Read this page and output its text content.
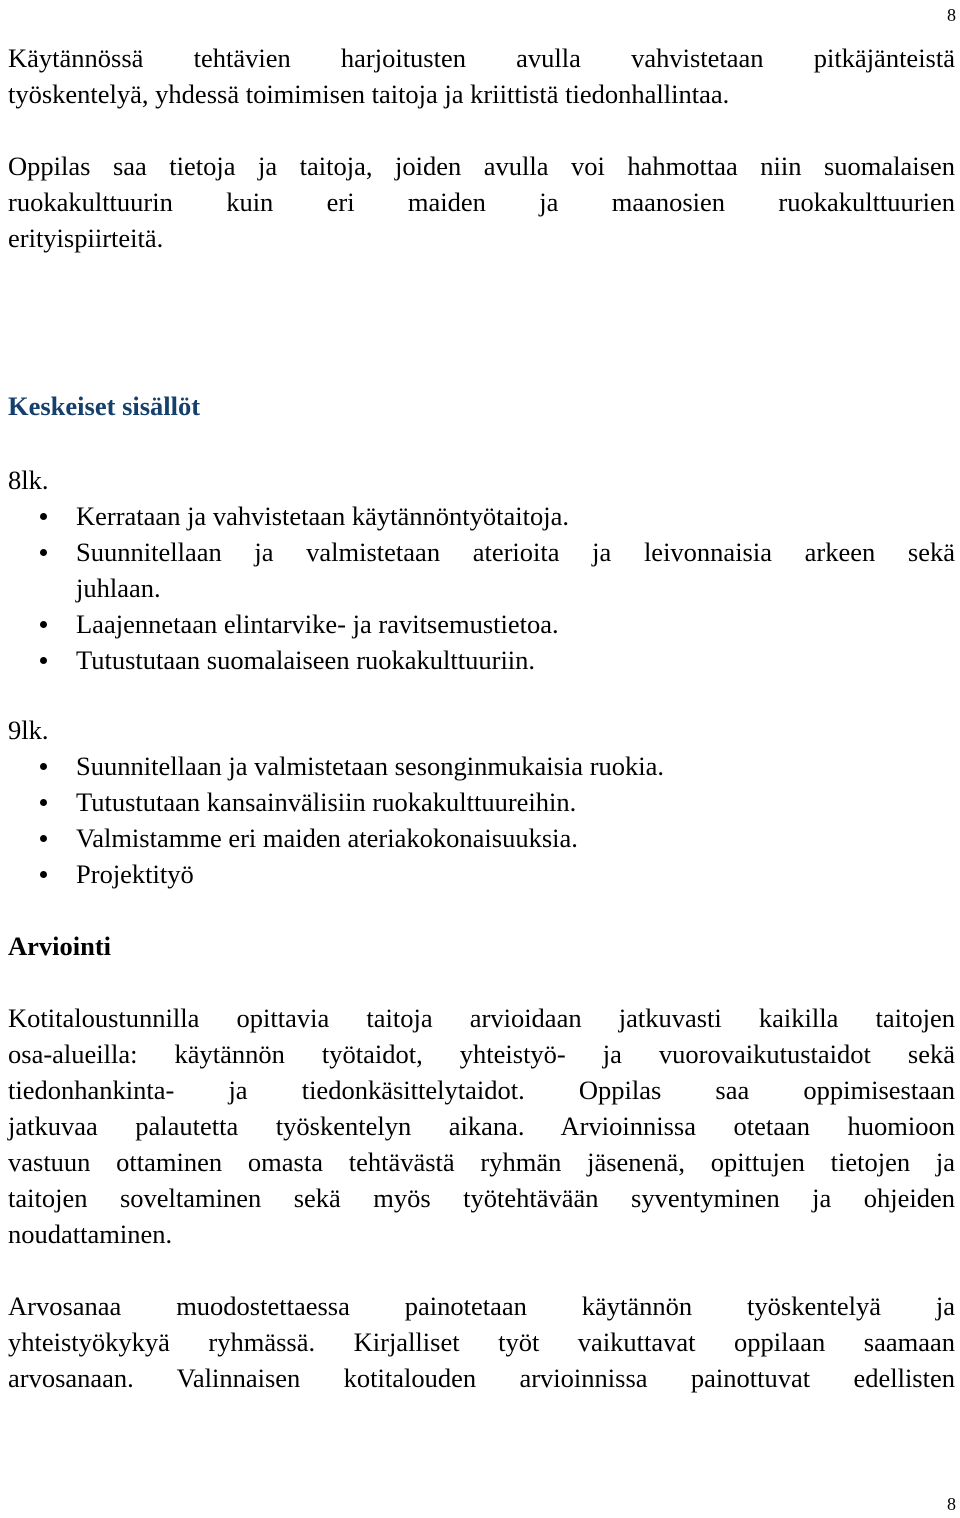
8

Käytännössä tehtävien harjoitusten avulla vahvistetaan pitkäjänteistä
työskentelyä, yhdessä toimimisen taitoja ja kriittistä tiedonhallintaa.

Oppilas saa tietoja ja taitoja, joiden avulla voi hahmottaa niin suomalaisen
ruokakulttuurin kuin eri maiden ja maanosien ruokakulttuurien
erityispiirteitä.

Keskeiset sisällöt

8lk.

Kerrataan ja vahvistetaan käytännöntyötaitoja.
Suunnitellaan ja valmistetaan aterioita ja leivonnaisia arkeen sekä
juhlaan.
Laajennetaan elintarvike- ja ravitsemustietoa.
Tutustutaan suomalaiseen ruokakulttuuriin.

9lk.

Suunnitellaan ja valmistetaan sesonginmukaisia ruokia.
Tutustutaan kansainvälisiin ruokakulttuureihin.
Valmistamme eri maiden ateriakokonaisuuksia.
Projektityö
Arviointi

Kotitaloustunnilla opittavia taitoja arvioidaan jatkuvasti kaikilla taitojen
osa-alueilla: käytännön työtaidot, yhteistyö- ja vuorovaikutustaidot sekä
tiedonhankinta- ja tiedonkäsittelytaidot. Oppilas saa oppimisestaan
jatkuvaa palautetta työskentelyn aikana. Arvioinnissa otetaan huomioon
vastuun ottaminen omasta tehtävästä ryhmän jäsenenä, opittujen tietojen ja
taitojen soveltaminen sekä myös työtehtävään syventyminen ja ohjeiden
noudattaminen.

Arvosanaa muodostettaessa painotetaan käytännön työskentelyä ja
yhteistyökykyä ryhmässä. Kirjalliset työt vaikuttavat oppilaan saamaan
arvosanaan. Valinnaisen kotitalouden arvioinnissa painottuvat edellisten

8
